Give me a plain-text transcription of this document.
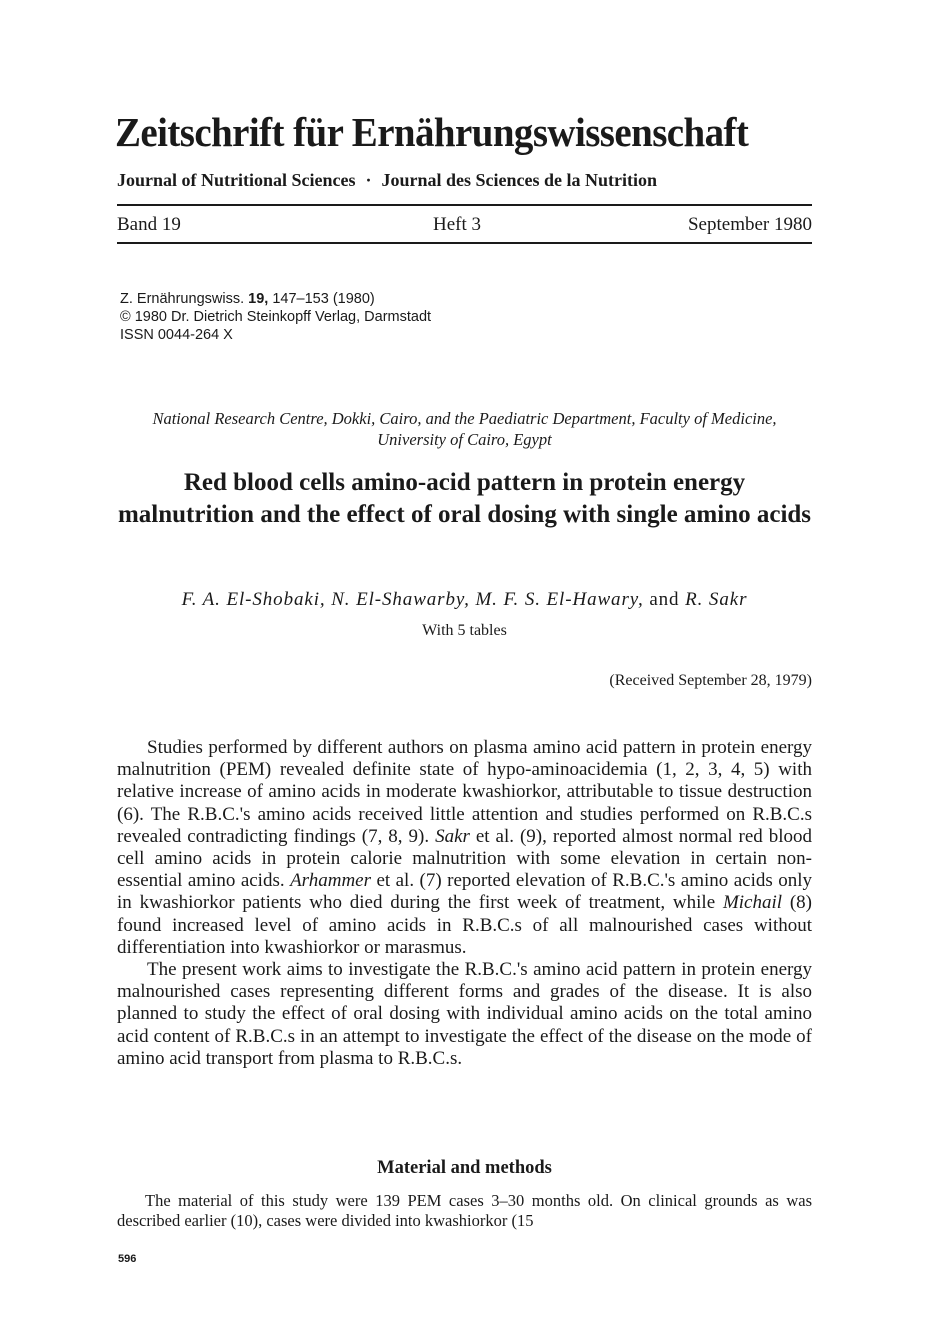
Zeitschrift für Ernährungswissenschaft
Journal of Nutritional Sciences · Journal des Sciences de la Nutrition
Band 19	Heft 3	September 1980
Z. Ernährungswiss. 19, 147–153 (1980)
© 1980 Dr. Dietrich Steinkopff Verlag, Darmstadt
ISSN 0044-264 X
National Research Centre, Dokki, Cairo, and the Paediatric Department, Faculty of Medicine, University of Cairo, Egypt
Red blood cells amino-acid pattern in protein energy malnutrition and the effect of oral dosing with single amino acids
F. A. El-Shobaki, N. El-Shawarby, M. F. S. El-Hawary, and R. Sakr
With 5 tables
(Received September 28, 1979)

Studies performed by different authors on plasma amino acid pattern in protein energy malnutrition (PEM) revealed definite state of hypo-aminoacidemia (1, 2, 3, 4, 5) with relative increase of amino acids in moderate kwashiorkor, attributable to tissue destruction (6). The R.B.C.'s amino acids received little attention and studies performed on R.B.C.s revealed contradicting findings (7, 8, 9). Sakr et al. (9), reported almost normal red blood cell amino acids in protein calorie malnutrition with some elevation in certain non-essential amino acids. Arhammer et al. (7) reported elevation of R.B.C.'s amino acids only in kwashiorkor patients who died during the first week of treatment, while Michail (8) found increased level of amino acids in R.B.C.s of all malnourished cases without differentiation into kwashiorkor or marasmus.

The present work aims to investigate the R.B.C.'s amino acid pattern in protein energy malnourished cases representing different forms and grades of the disease. It is also planned to study the effect of oral dosing with individual amino acids on the total amino acid content of R.B.C.s in an attempt to investigate the effect of the disease on the mode of amino acid transport from plasma to R.B.C.s.

Material and methods

The material of this study were 139 PEM cases 3–30 months old. On clinical grounds as was described earlier (10), cases were divided into kwashiorkor (15

596
